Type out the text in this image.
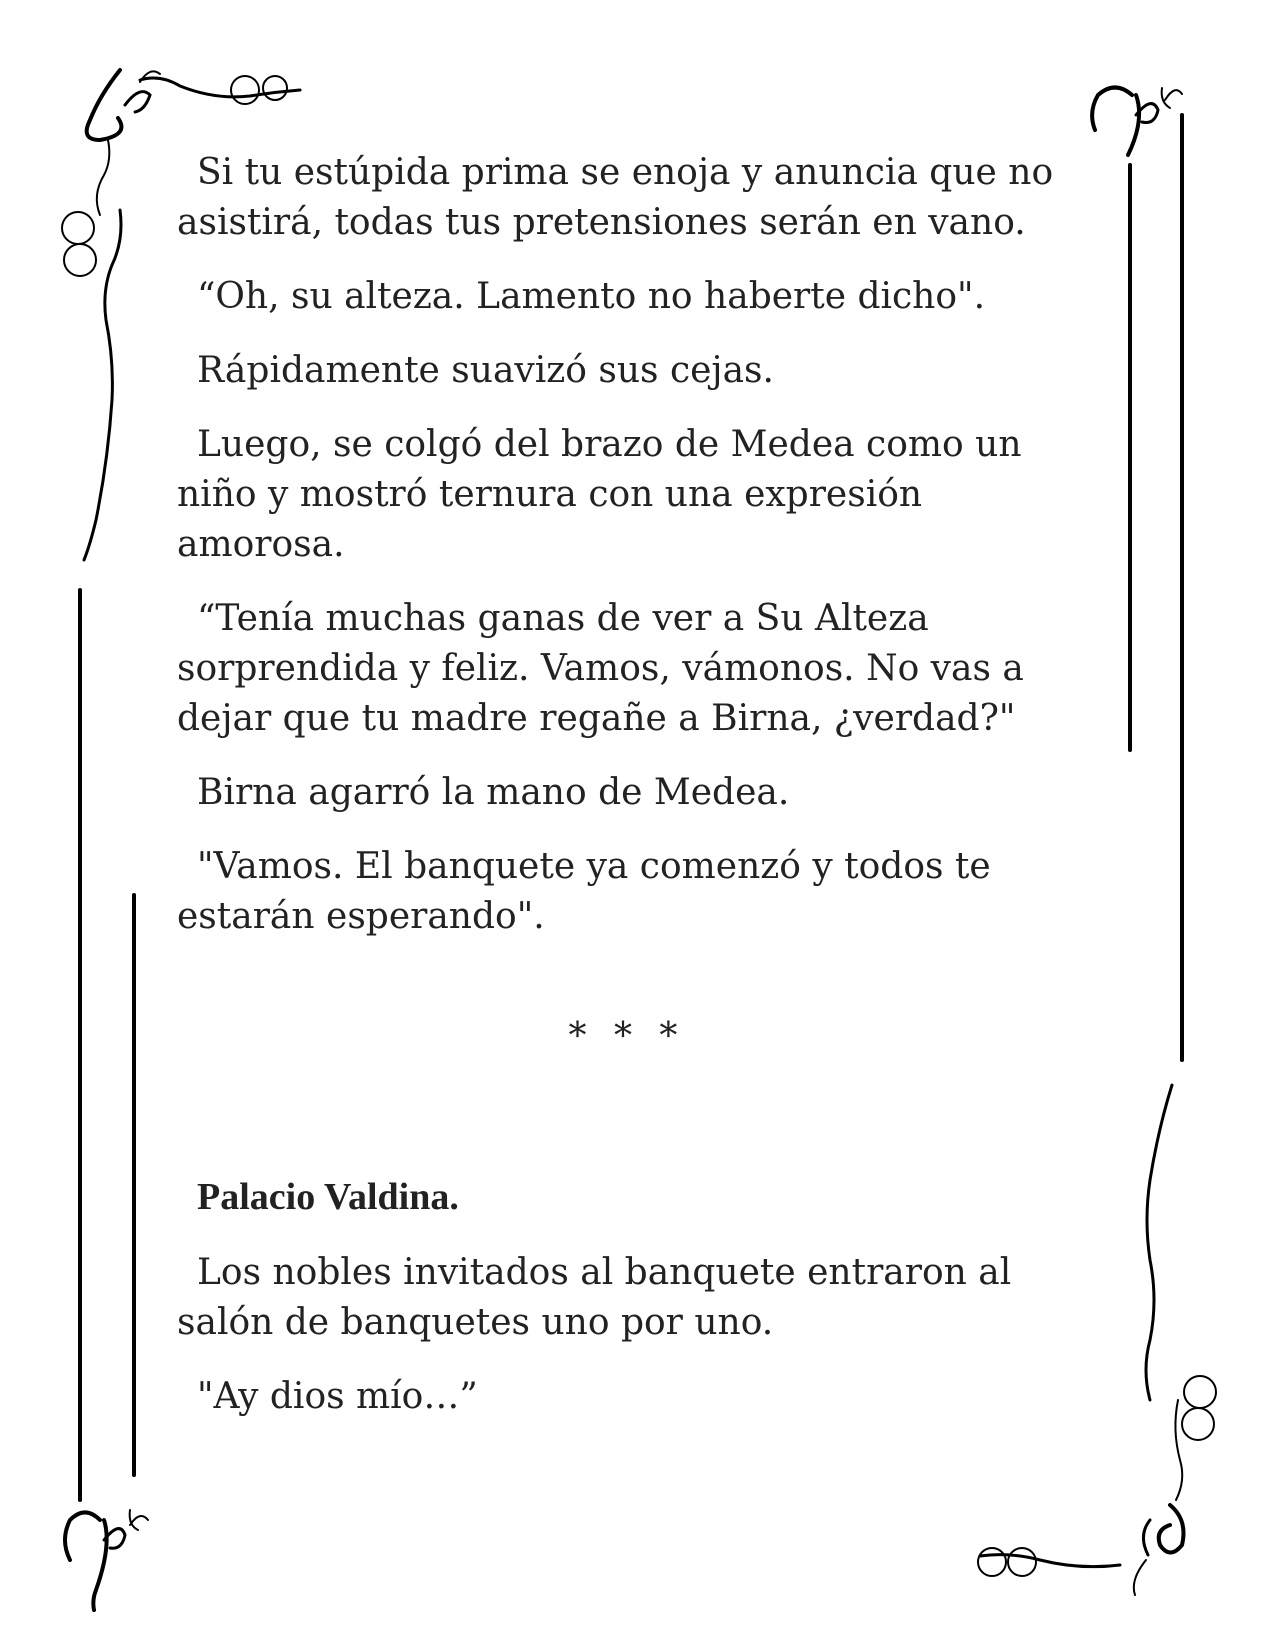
Si tu estúpida prima se enoja y anuncia que no asistirá, todas tus pretensiones serán en vano.

“Oh, su alteza. Lamento no haberte dicho".

Rápidamente suavizó sus cejas.

Luego, se colgó del brazo de Medea como un niño y mostró ternura con una expresión amorosa.

“Tenía muchas ganas de ver a Su Alteza sorprendida y feliz. Vamos, vámonos. No vas a dejar que tu madre regañe a Birna, ¿verdad?"

Birna agarró la mano de Medea.

"Vamos. El banquete ya comenzó y todos te estarán esperando".

* * *

Palacio Valdina.

Los nobles invitados al banquete entraron al salón de banquetes uno por uno.

"Ay dios mío…”
